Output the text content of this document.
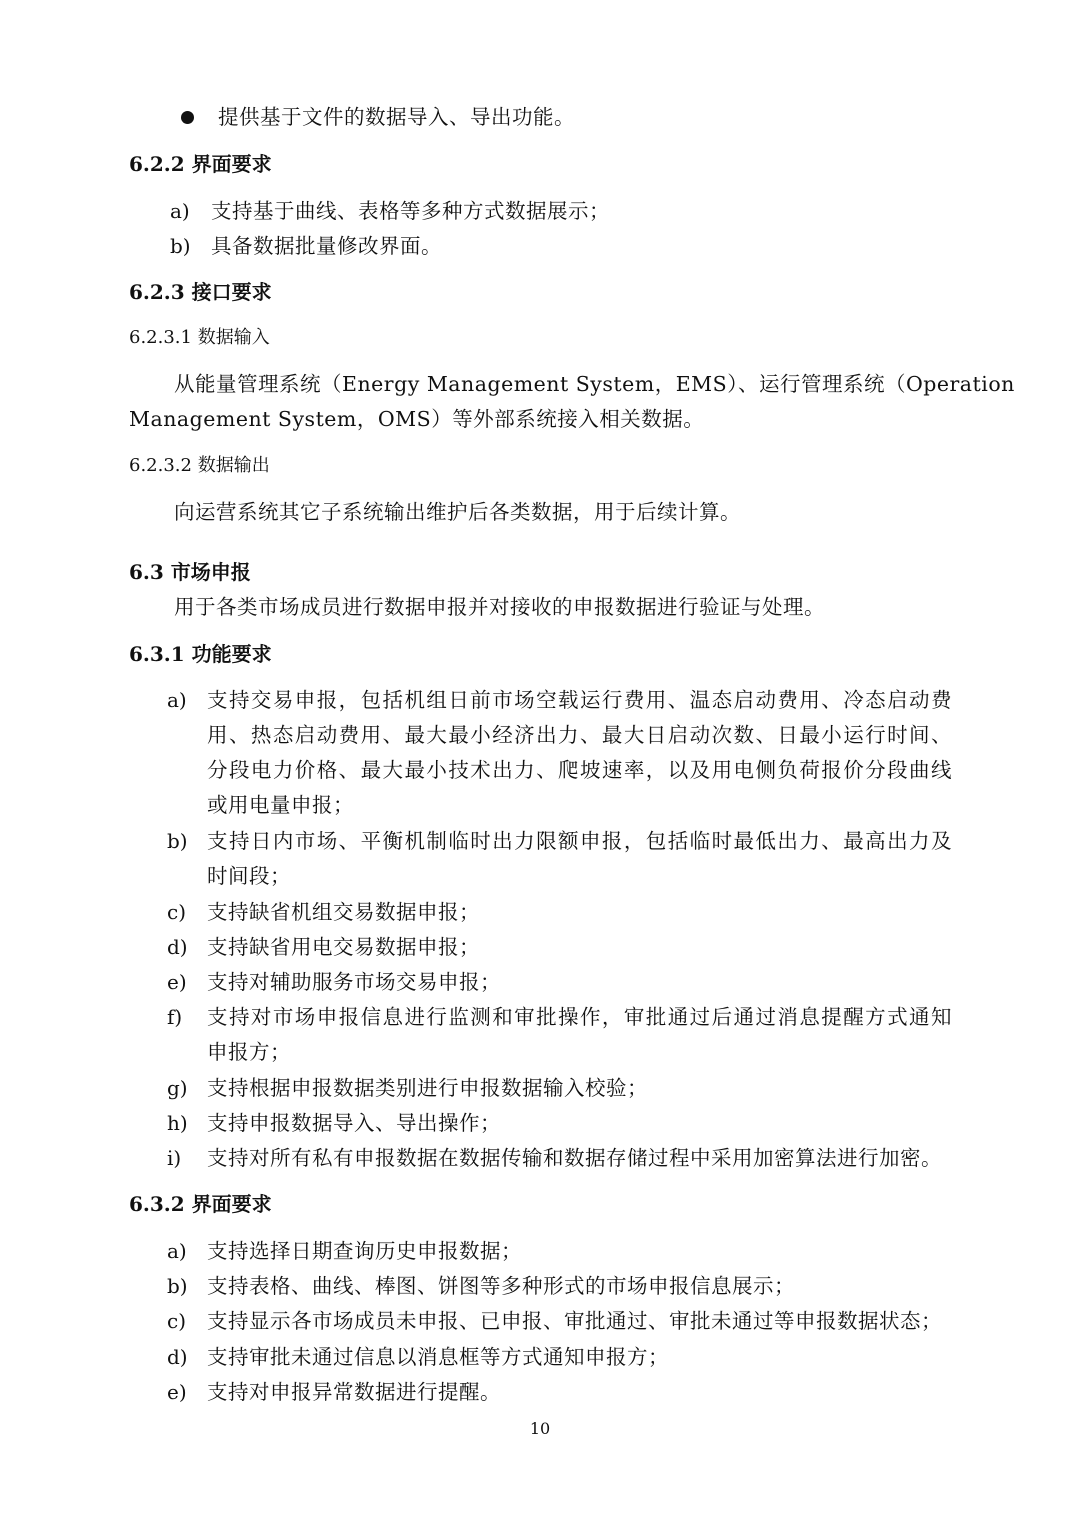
提供基于文件的数据导入、导出功能。
6.2.2 界面要求
a) 支持基于曲线、表格等多种方式数据展示；
b) 具备数据批量修改界面。
6.2.3 接口要求
6.2.3.1 数据输入
从能量管理系统（Energy Management System，EMS）、运行管理系统（Operation
Management System，OMS）等外部系统接入相关数据。
6.2.3.2 数据输出
向运营系统其它子系统输出维护后各类数据，用于后续计算。
6.3 市场申报
用于各类市场成员进行数据申报并对接收的申报数据进行验证与处理。
6.3.1 功能要求
a) 支持交易申报，包括机组日前市场空载运行费用、温态启动费用、冷态启动费
用、热态启动费用、最大最小经济出力、最大日启动次数、日最小运行时间、
分段电力价格、最大最小技术出力、爬坡速率，以及用电侧负荷报价分段曲线
或用电量申报；
b) 支持日内市场、平衡机制临时出力限额申报，包括临时最低出力、最高出力及
时间段；
c) 支持缺省机组交易数据申报；
d) 支持缺省用电交易数据申报；
e) 支持对辅助服务市场交易申报；
f) 支持对市场申报信息进行监测和审批操作，审批通过后通过消息提醒方式通知
申报方；
g) 支持根据申报数据类别进行申报数据输入校验；
h) 支持申报数据导入、导出操作；
i) 支持对所有私有申报数据在数据传输和数据存储过程中采用加密算法进行加密。
6.3.2 界面要求
a) 支持选择日期查询历史申报数据；
b) 支持表格、曲线、棒图、饼图等多种形式的市场申报信息展示；
c) 支持显示各市场成员未申报、已申报、审批通过、审批未通过等申报数据状态；
d) 支持审批未通过信息以消息框等方式通知申报方；
e) 支持对申报异常数据进行提醒。
10
